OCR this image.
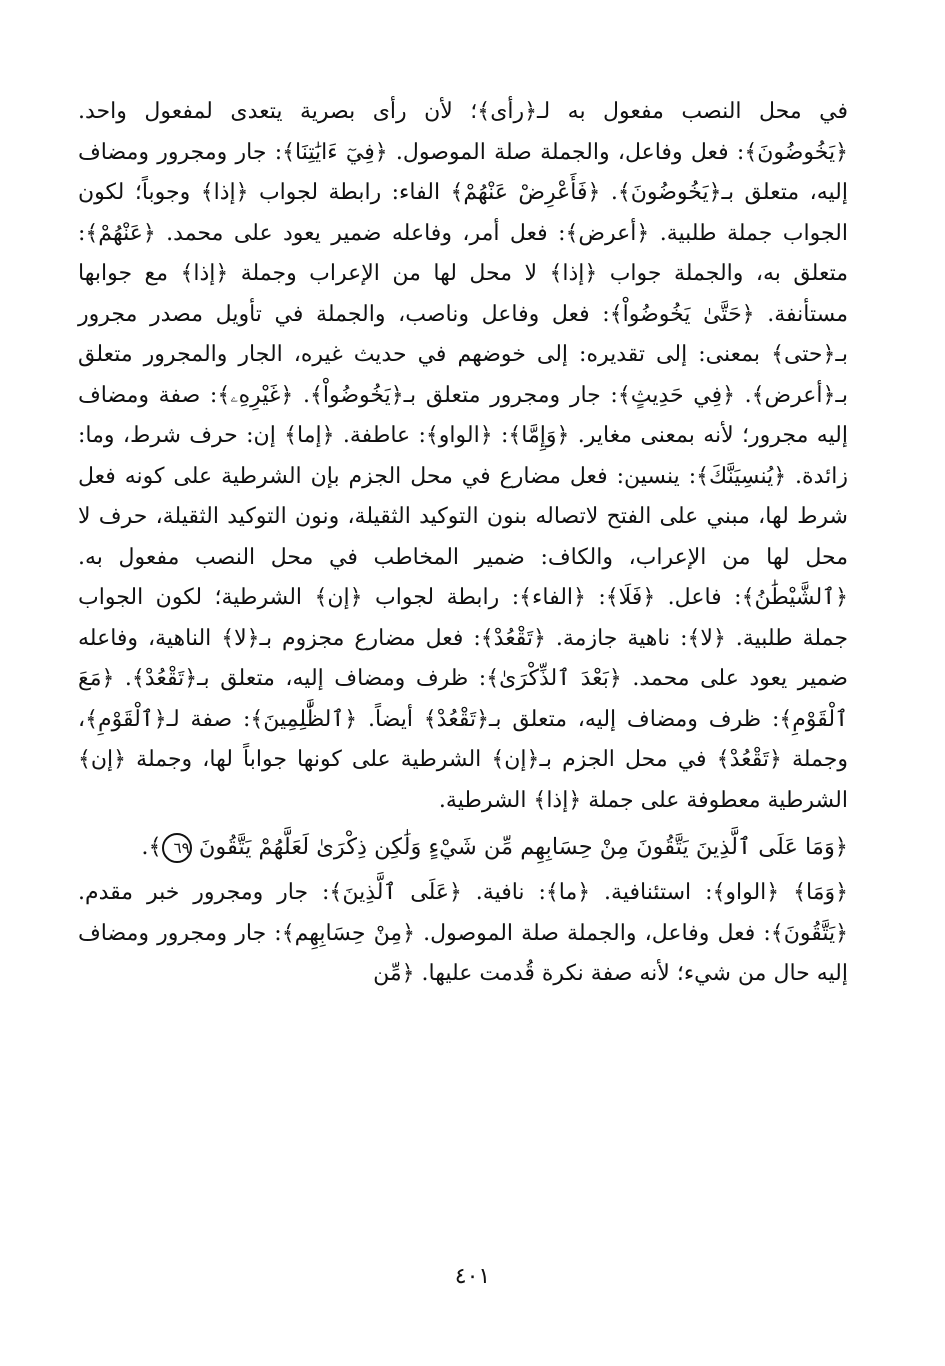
في محل النصب مفعول به لـ﴿رأى﴾؛ لأن رأى بصرية يتعدى لمفعول واحد. ﴿يَخُوضُونَ﴾: فعل وفاعل، والجملة صلة الموصول. ﴿فِيٓ ءَايَٰتِنَا﴾: جار ومجرور ومضاف إليه، متعلق بـ﴿يَخُوضُونَ﴾. ﴿فَأَعْرِضْ عَنْهُمْ﴾ الفاء: رابطة لجواب ﴿إذا﴾ وجوباً؛ لكون الجواب جملة طلبية. ﴿أعرض﴾: فعل أمر، وفاعله ضمير يعود على محمد. ﴿عَنْهُمْ﴾: متعلق به، والجملة جواب ﴿إذا﴾ لا محل لها من الإعراب وجملة ﴿إذا﴾ مع جوابها مستأنفة. ﴿حَتَّىٰ يَخُوضُواْ﴾: فعل وفاعل وناصب، والجملة في تأويل مصدر مجرور بـ﴿حتى﴾ بمعنى: إلى تقديره: إلى خوضهم في حديث غيره، الجار والمجرور متعلق بـ﴿أعرض﴾. ﴿فِي حَدِيثٍ﴾: جار ومجرور متعلق بـ﴿يَخُوضُواْ﴾. ﴿غَيْرِهِۦ﴾: صفة ومضاف إليه مجرور؛ لأنه بمعنى مغاير. ﴿وَإِمَّا﴾: ﴿الواو﴾: عاطفة. ﴿إما﴾ إن: حرف شرط، وما: زائدة. ﴿يُنسِيَنَّكَ﴾: ينسين: فعل مضارع في محل الجزم بإن الشرطية على كونه فعل شرط لها، مبني على الفتح لاتصاله بنون التوكيد الثقيلة، ونون التوكيد الثقيلة، حرف لا محل لها من الإعراب، والكاف: ضمير المخاطب في محل النصب مفعول به. ﴿ٱلشَّيْطَٰنُ﴾: فاعل. ﴿فَلَا﴾: ﴿الفاء﴾: رابطة لجواب ﴿إن﴾ الشرطية؛ لكون الجواب جملة طلبية. ﴿لا﴾: ناهية جازمة. ﴿تَقْعُدْ﴾: فعل مضارع مجزوم بـ﴿لا﴾ الناهية، وفاعله ضمير يعود على محمد. ﴿بَعْدَ ٱلذِّكْرَىٰ﴾: ظرف ومضاف إليه، متعلق بـ﴿تَقْعُدْ﴾. ﴿مَعَ ٱلْقَوْمِ﴾: ظرف ومضاف إليه، متعلق بـ﴿تَقْعُدْ﴾ أيضاً. ﴿ٱلظَّٰلِمِينَ﴾: صفة لـ﴿ٱلْقَوْمِ﴾، وجملة ﴿تَقْعُدْ﴾ في محل الجزم بـ﴿إن﴾ الشرطية على كونها جواباً لها، وجملة ﴿إن﴾ الشرطية معطوفة على جملة ﴿إذا﴾ الشرطية.

﴿وَمَا عَلَى ٱلَّذِينَ يَتَّقُونَ مِنْ حِسَابِهِم مِّن شَيْءٍ وَلَٰكِن ذِكْرَىٰ لَعَلَّهُمْ يَتَّقُونَ ٦٩﴾.

﴿وَمَا﴾ ﴿الواو﴾: استئنافية. ﴿ما﴾: نافية. ﴿عَلَى ٱلَّذِينَ﴾: جار ومجرور خبر مقدم. ﴿يَتَّقُونَ﴾: فعل وفاعل، والجملة صلة الموصول. ﴿مِنْ حِسَابِهِم﴾: جار ومجرور ومضاف إليه حال من شيء؛ لأنه صفة نكرة قُدمت عليها. ﴿مِّن

٤٠١
